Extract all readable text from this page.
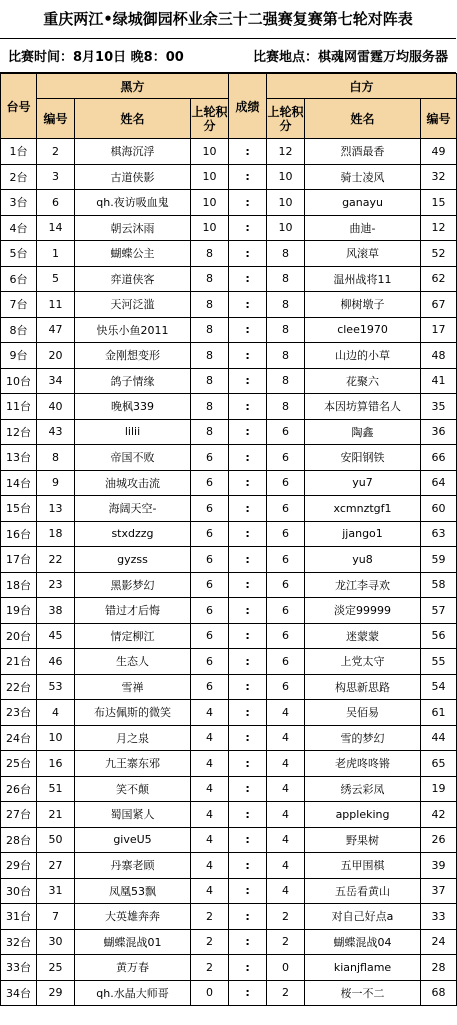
重庆两江•绿城御园杯业余三十二强赛复赛第七轮对阵表
比赛时间：8月10日 晚8：00	比赛地点：棋魂网雷霆万均服务器
台号	黑方			成绩	白方		
	编号	姓名	上轮积分		上轮积分	姓名	编号
1台	2	棋海沉浮	10	:	12	烈酒最香	49
2台	3	古道侠影	10	:	10	骑士凌风	32
3台	6	qh.夜访吸血鬼	10	:	10	ganayu	15
4台	14	朝云沐雨	10	:	10	曲迪-	12
5台	1	蝴蝶公主	8	:	8	风滚草	52
6台	5	弈道侠客	8	:	8	温州战将11	62
7台	11	天河泛滥	8	:	8	柳树墩子	67
8台	47	快乐小鱼2011	8	:	8	clee1970	17
9台	20	金刚想变形	8	:	8	山边的小草	48
10台	34	鸽子情缘	8	:	8	花聚六	41
11台	40	晚枫339	8	:	8	本因坊算错名人	35
12台	43	lilii	8	:	6	陶鑫	36
13台	8	帝国不败	6	:	6	安阳钢铁	66
14台	9	油城攻击流	6	:	6	yu7	64
15台	13	海阔天空-	6	:	6	xcmnztgf1	60
16台	18	stxdzzg	6	:	6	jjango1	63
17台	22	gyzss	6	:	6	yu8	59
18台	23	黑影梦幻	6	:	6	龙江李寻欢	58
19台	38	错过才后悔	6	:	6	淡定99999	57
20台	45	情定柳江	6	:	6	迷蒙蒙	56
21台	46	生态人	6	:	6	上党太守	55
22台	53	雪禅	6	:	6	构思新思路	54
23台	4	布达佩斯的微笑	4	:	4	吴佰易	61
24台	10	月之泉	4	:	4	雪的梦幻	44
25台	16	九王寨东邪	4	:	4	老虎咚咚锵	65
26台	51	笑不颠	4	:	4	绣云彩凤	19
27台	21	蜀国紧人	4	:	4	appleking	42
28台	50	giveU5	4	:	4	野果树	26
29台	27	丹寨老顾	4	:	4	五甲围棋	39
30台	31	凤凰53飘	4	:	4	五岳看黄山	37
31台	7	大英雄奔奔	2	:	2	对自己好点a	33
32台	30	蝴蝶混战01	2	:	2	蝴蝶混战04	24
33台	25	黄万春	2	:	0	kianjflame	28
34台	29	qh.水晶大师哥	0	:	2	桜一不二	68
